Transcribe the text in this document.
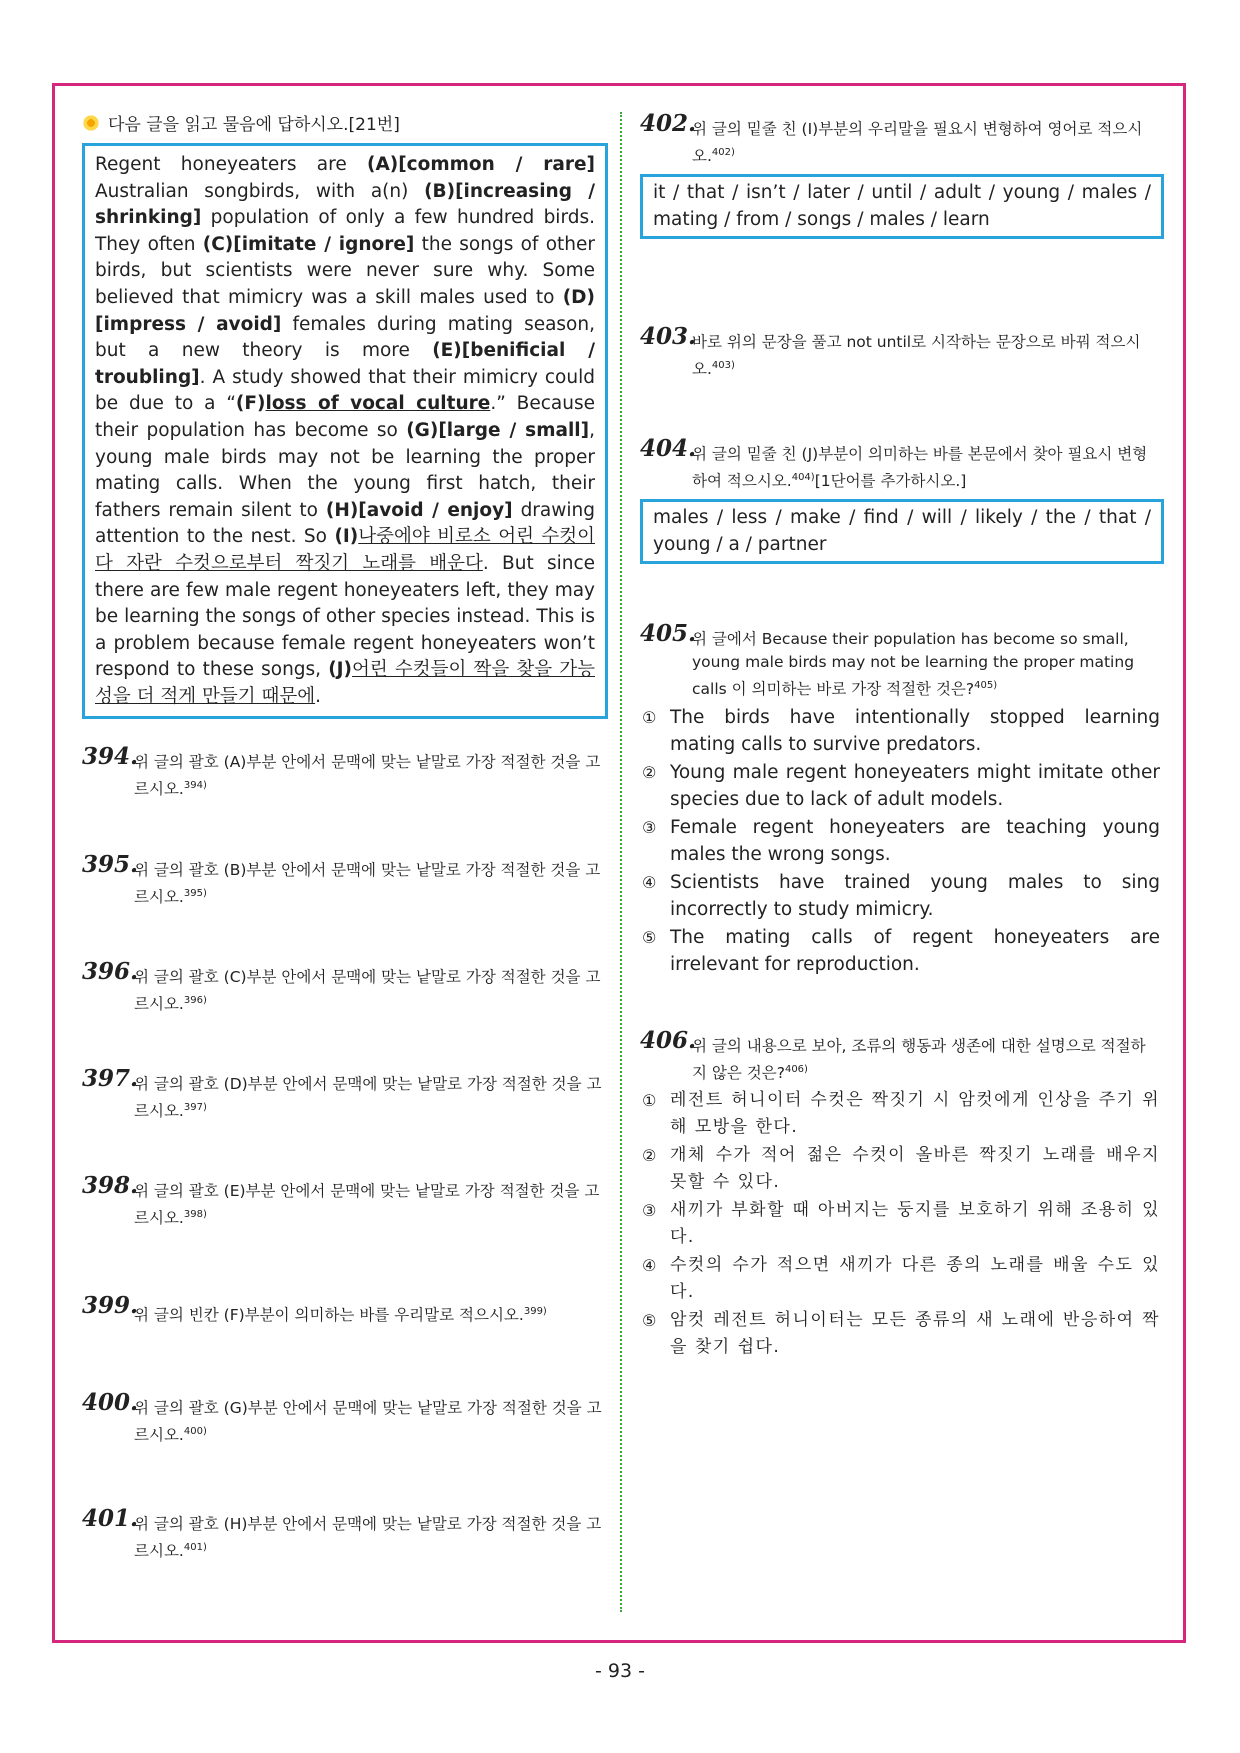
다음 글을 읽고 물음에 답하시오.[21번]
Regent honeyeaters are (A)[common / rare] Australian songbirds, with a(n) (B)[increasing / shrinking] population of only a few hundred birds. They often (C)[imitate / ignore] the songs of other birds, but scientists were never sure why. Some believed that mimicry was a skill males used to (D)[impress / avoid] females during mating season, but a new theory is more (E)[benificial / troubling]. A study showed that their mimicry could be due to a “(F)loss of vocal culture.” Because their population has become so (G)[large / small], young male birds may not be learning the proper mating calls. When the young first hatch, their fathers remain silent to (H)[avoid / enjoy] drawing attention to the nest. So (I)나중에야 비로소 어린 수컷이 다 자란 수컷으로부터 짝짓기 노래를 배운다. But since there are few male regent honeyeaters left, they may be learning the songs of other species instead. This is a problem because female regent honeyeaters won’t respond to these songs, (J)어린 수컷들이 짝을 찾을 가능성을 더 적게 만들기 때문에.
394.
위 글의 괄호 (A)부분 안에서 문맥에 맞는 낱말로 가장 적절한 것을 고르시오.$^{394)}$
395.
위 글의 괄호 (B)부분 안에서 문맥에 맞는 낱말로 가장 적절한 것을 고르시오.$^{395)}$
396.
위 글의 괄호 (C)부분 안에서 문맥에 맞는 낱말로 가장 적절한 것을 고르시오.$^{396)}$
397.
위 글의 괄호 (D)부분 안에서 문맥에 맞는 낱말로 가장 적절한 것을 고르시오.$^{397)}$
398.
위 글의 괄호 (E)부분 안에서 문맥에 맞는 낱말로 가장 적절한 것을 고르시오.$^{398)}$
399.
위 글의 빈칸 (F)부분이 의미하는 바를 우리말로 적으시오.$^{399)}$
400.
위 글의 괄호 (G)부분 안에서 문맥에 맞는 낱말로 가장 적절한 것을 고르시오.$^{400)}$
401.
위 글의 괄호 (H)부분 안에서 문맥에 맞는 낱말로 가장 적절한 것을 고르시오.$^{401)}$
402.
위 글의 밑줄 친 (I)부분의 우리말을 필요시 변형하여 영어로 적으시오.$^{402)}$
it / that / isn’t / later / until / adult / young / males / mating / from / songs / males / learn
403.
바로 위의 문장을 풀고 not until로 시작하는 문장으로 바꿔 적으시오.$^{403)}$
404.
위 글의 밑줄 친 (J)부분이 의미하는 바를 본문에서 찾아 필요시 변형하여 적으시오.$^{404)}$[1단어를 추가하시오.]
males / less / make / find / will / likely / the / that / young / a / partner
405.
위 글에서 Because their population has become so small, young male birds may not be learning the proper mating calls 이 의미하는 바로 가장 적절한 것은?$^{405)}$
① The birds have intentionally stopped learning mating calls to survive predators.
② Young male regent honeyeaters might imitate other species due to lack of adult models.
③ Female regent honeyeaters are teaching young males the wrong songs.
④ Scientists have trained young males to sing incorrectly to study mimicry.
⑤ The mating calls of regent honeyeaters are irrelevant for reproduction.
406.
위 글의 내용으로 보아, 조류의 행동과 생존에 대한 설명으로 적절하지 않은 것은?$^{406)}$
① 레전트 허니이터 수컷은 짝짓기 시 암컷에게 인상을 주기 위해 모방을 한다.
② 개체 수가 적어 젊은 수컷이 올바른 짝짓기 노래를 배우지 못할 수 있다.
③ 새끼가 부화할 때 아버지는 둥지를 보호하기 위해 조용히 있다.
④ 수컷의 수가 적으면 새끼가 다른 종의 노래를 배울 수도 있다.
⑤ 암컷 레전트 허니이터는 모든 종류의 새 노래에 반응하여 짝을 찾기 쉽다.
- 93 -
